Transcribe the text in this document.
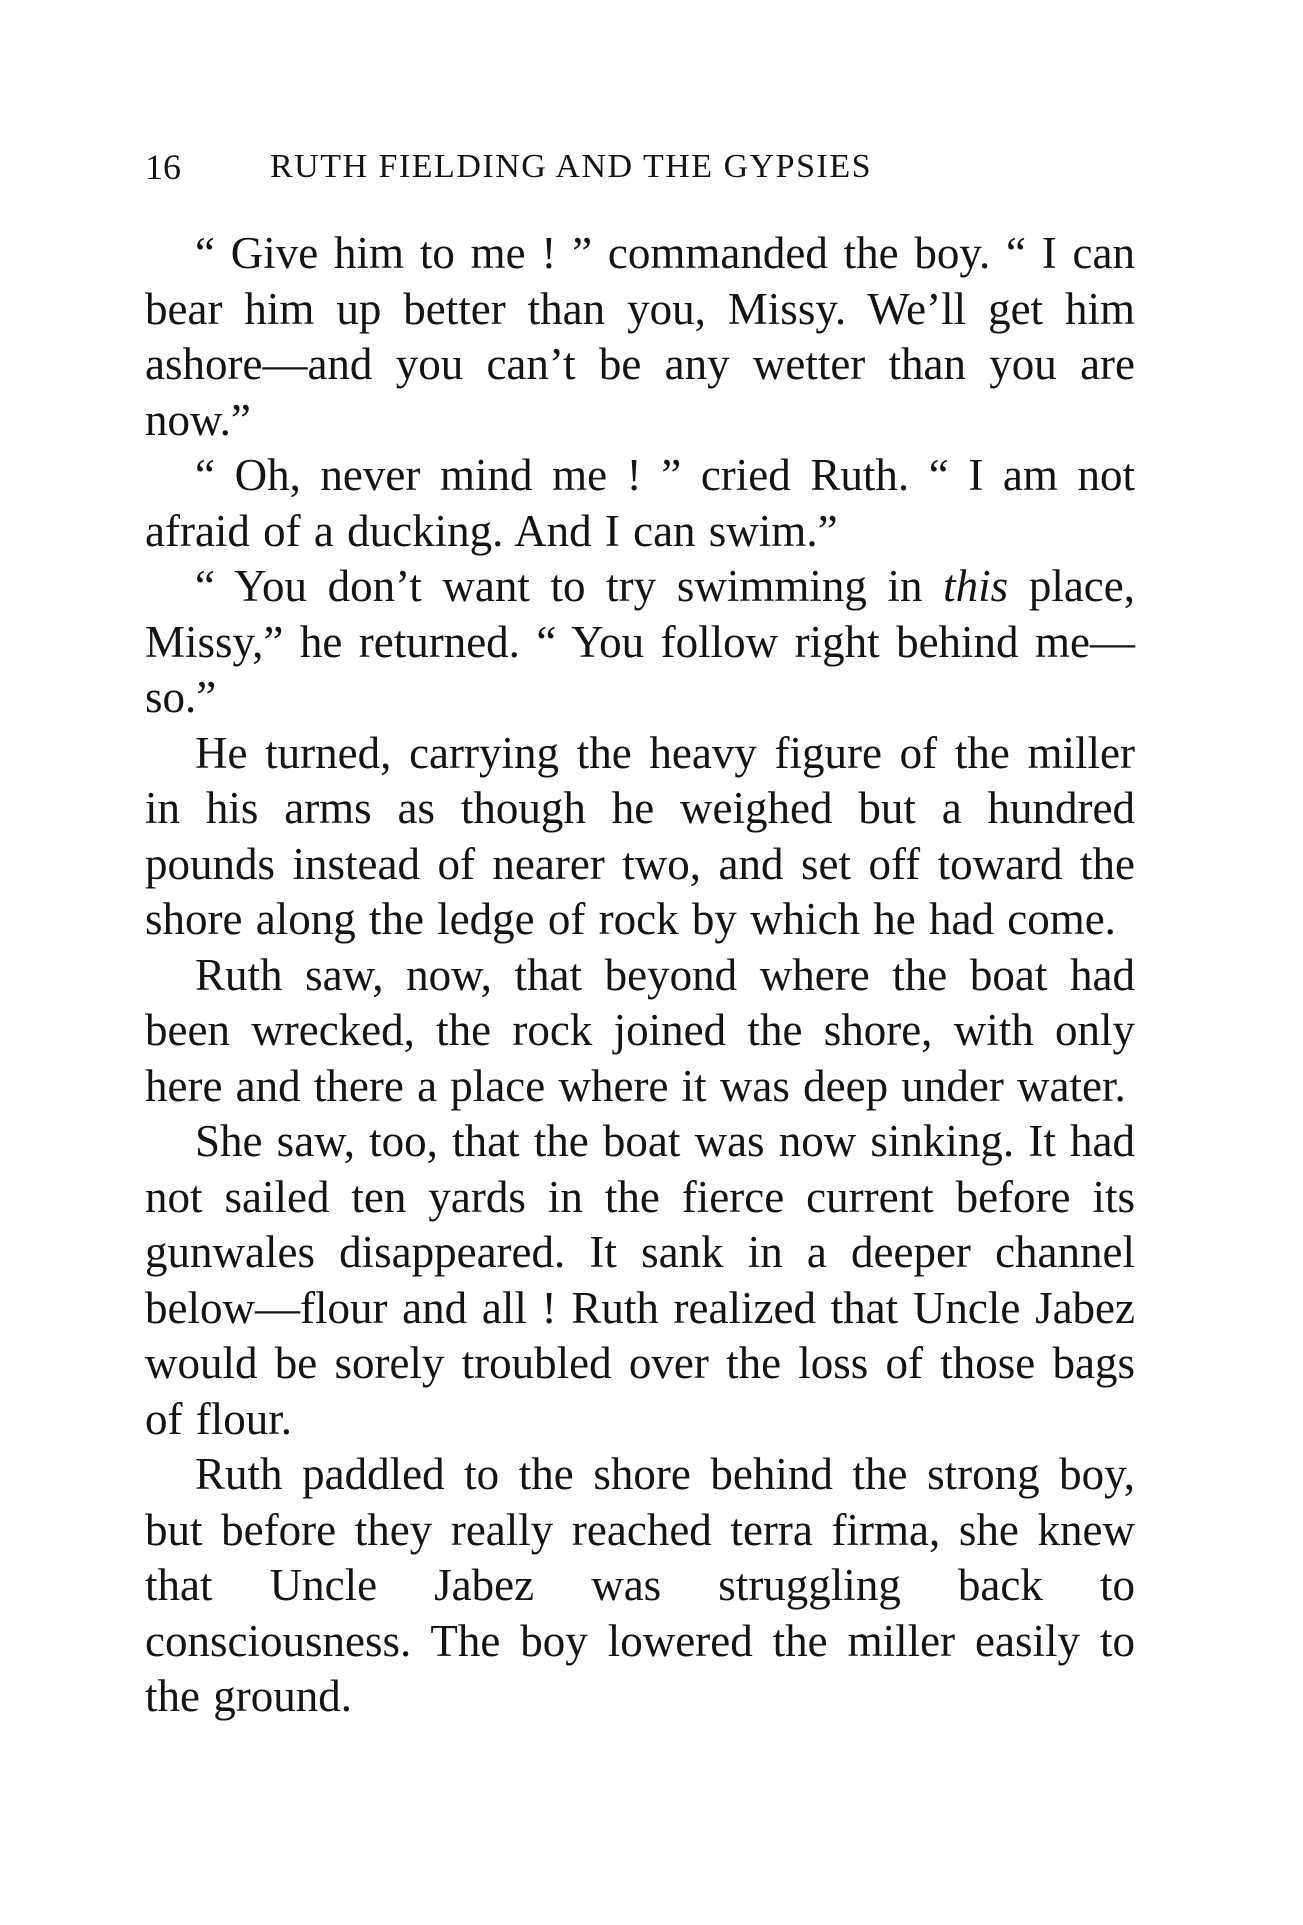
16	RUTH FIELDING AND THE GYPSIES

“ Give him to me ! ” commanded the boy. “ I can bear him up better than you, Missy. We’ll get him ashore—and you can’t be any wetter than you are now.”

“ Oh, never mind me ! ” cried Ruth. “ I am not afraid of a ducking. And I can swim.”

“ You don’t want to try swimming in this place, Missy,” he returned. “ You follow right behind me—so.”

He turned, carrying the heavy figure of the miller in his arms as though he weighed but a hundred pounds instead of nearer two, and set off toward the shore along the ledge of rock by which he had come.

Ruth saw, now, that beyond where the boat had been wrecked, the rock joined the shore, with only here and there a place where it was deep under water.

She saw, too, that the boat was now sinking. It had not sailed ten yards in the fierce current before its gunwales disappeared. It sank in a deeper channel below—flour and all ! Ruth realized that Uncle Jabez would be sorely troubled over the loss of those bags of flour.

Ruth paddled to the shore behind the strong boy, but before they really reached terra firma, she knew that Uncle Jabez was struggling back to consciousness. The boy lowered the miller easily to the ground.
